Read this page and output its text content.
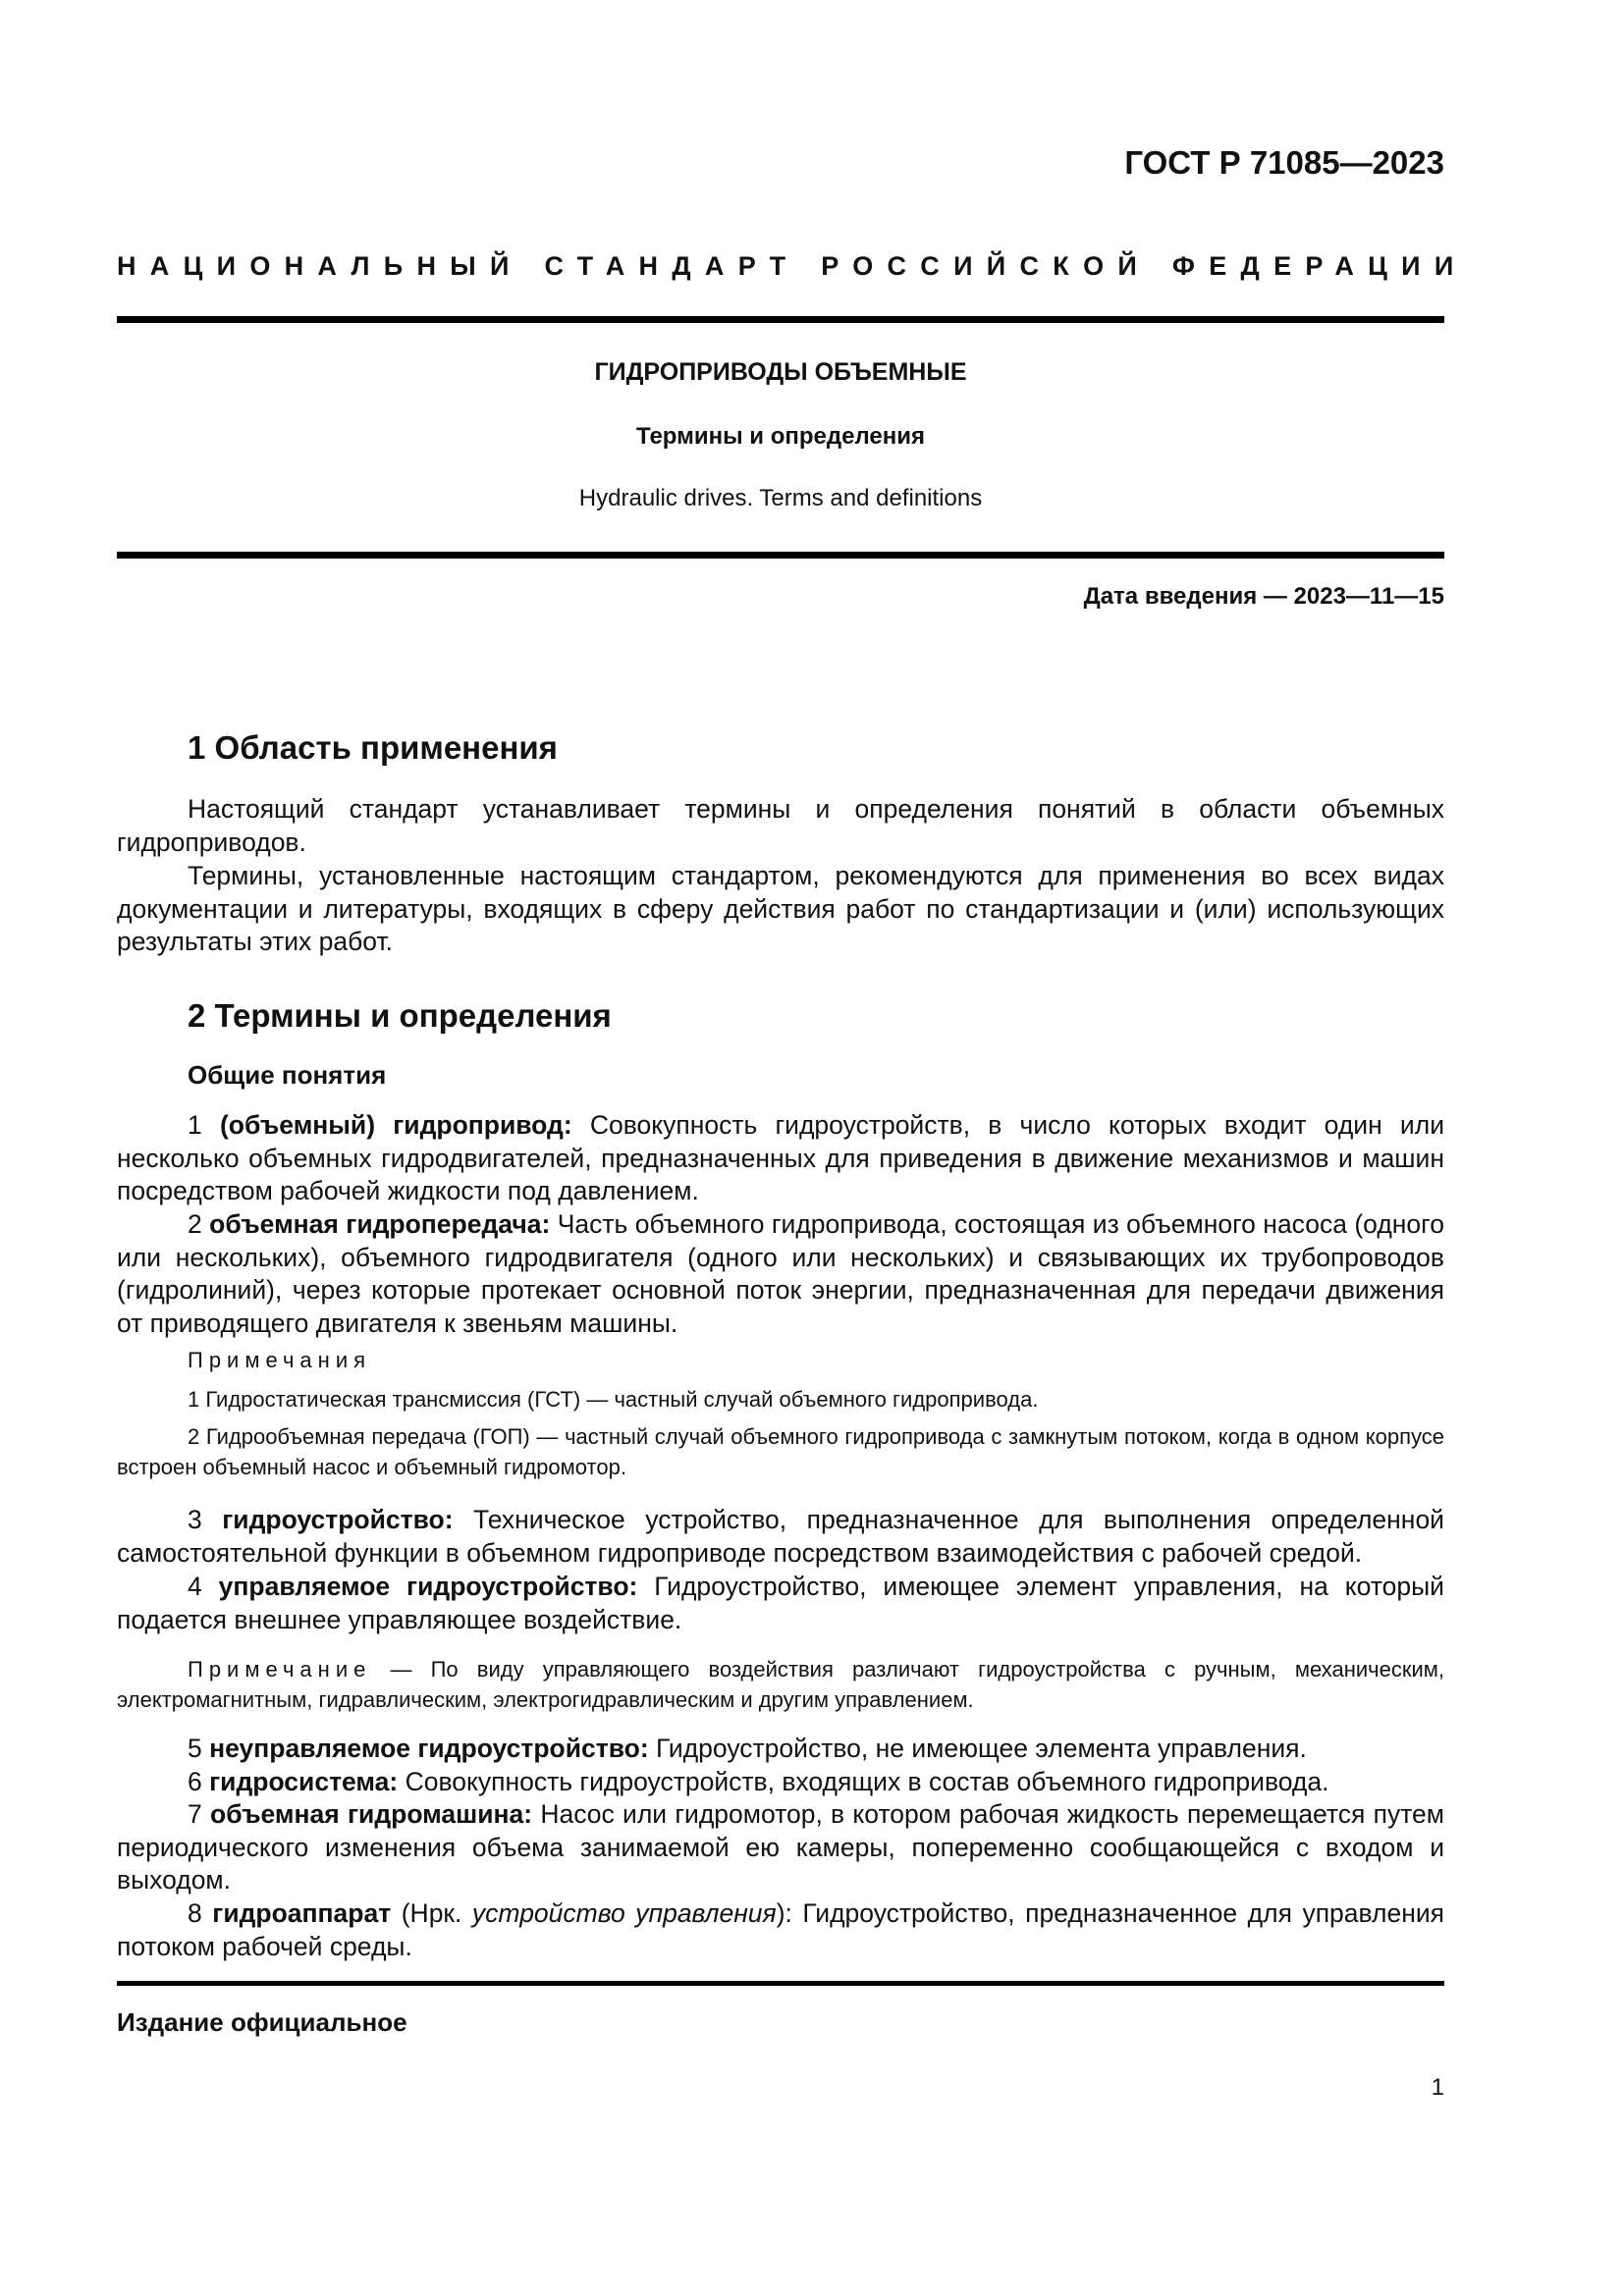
ГОСТ Р 71085—2023
НАЦИОНАЛЬНЫЙ СТАНДАРТ РОССИЙСКОЙ ФЕДЕРАЦИИ
ГИДРОПРИВОДЫ ОБЪЕМНЫЕ
Термины и определения
Hydraulic drives. Terms and definitions
Дата введения — 2023—11—15
1 Область применения

Настоящий стандарт устанавливает термины и определения понятий в области объемных гидроприводов.

Термины, установленные настоящим стандартом, рекомендуются для применения во всех видах документации и литературы, входящих в сферу действия работ по стандартизации и (или) использующих результаты этих работ.

2 Термины и определения
Общие понятия

1 (объемный) гидропривод: Совокупность гидроустройств, в число которых входит один или несколько объемных гидродвигателей, предназначенных для приведения в движение механизмов и машин посредством рабочей жидкости под давлением.

2 объемная гидропередача: Часть объемного гидропривода, состоящая из объемного насоса (одного или нескольких), объемного гидродвигателя (одного или нескольких) и связывающих их трубопроводов (гидролиний), через которые протекает основной поток энергии, предназначенная для передачи движения от приводящего двигателя к звеньям машины.

Примечания

1 Гидростатическая трансмиссия (ГСТ) — частный случай объемного гидропривода.

2 Гидрообъемная передача (ГОП) — частный случай объемного гидропривода с замкнутым потоком, когда в одном корпусе встроен объемный насос и объемный гидромотор.

3 гидроустройство: Техническое устройство, предназначенное для выполнения определенной самостоятельной функции в объемном гидроприводе посредством взаимодействия с рабочей средой.

4 управляемое гидроустройство: Гидроустройство, имеющее элемент управления, на который подается внешнее управляющее воздействие.

Примечание — По виду управляющего воздействия различают гидроустройства с ручным, механическим, электромагнитным, гидравлическим, электрогидравлическим и другим управлением.

5 неуправляемое гидроустройство: Гидроустройство, не имеющее элемента управления.

6 гидросистема: Совокупность гидроустройств, входящих в состав объемного гидропривода.

7 объемная гидромашина: Насос или гидромотор, в котором рабочая жидкость перемещается путем периодического изменения объема занимаемой ею камеры, попеременно сообщающейся с входом и выходом.

8 гидроаппарат (Нрк. устройство управления): Гидроустройство, предназначенное для управления потоком рабочей среды.

Издание официальное
1
